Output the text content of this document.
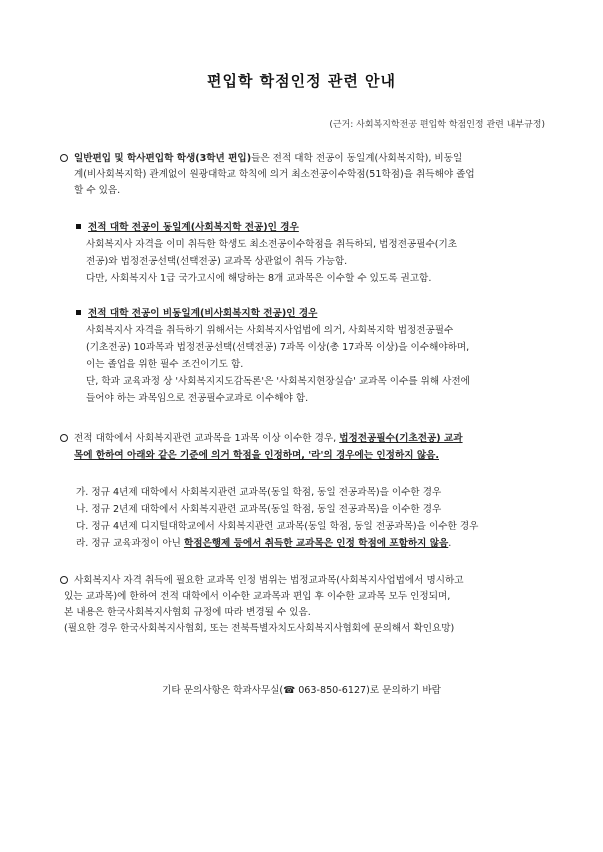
편입학 학점인정 관련 안내
(근거: 사회복지학전공 편입학 학점인정 관련 내부규정)
일반편입 및 학사편입학 학생(3학년 편입)들은 전적 대학 전공이 동일계(사회복지학), 비동일
계(비사회복지학) 관계없이 원광대학교 학칙에 의거 최소전공이수학점(51학점)을 취득해야 졸업
할 수 있음.
전적 대학 전공이 동일계(사회복지학 전공)인 경우
사회복지사 자격을 이미 취득한 학생도 최소전공이수학점을 취득하되, 법정전공필수(기초
전공)와 법정전공선택(선택전공) 교과목 상관없이 취득 가능함.
다만, 사회복지사 1급 국가고시에 해당하는 8개 교과목은 이수할 수 있도록 권고함.
전적 대학 전공이 비동일계(비사회복지학 전공)인 경우
사회복지사 자격을 취득하기 위해서는 사회복지사업법에 의거, 사회복지학 법정전공필수
(기초전공) 10과목과 법정전공선택(선택전공) 7과목 이상(총 17과목 이상)을 이수해야하며,
이는 졸업을 위한 필수 조건이기도 함.
단, 학과 교육과정 상 '사회복지지도감독론'은 '사회복지현장실습' 교과목 이수를 위해 사전에
들어야 하는 과목임으로 전공필수교과로 이수해야 함.
전적 대학에서 사회복지관련 교과목을 1과목 이상 이수한 경우, 법정전공필수(기초전공) 교과
목에 한하여 아래와 같은 기준에 의거 학점을 인정하며, '라'의 경우에는 인정하지 않음.
가. 정규 4년제 대학에서 사회복지관련 교과목(동일 학점, 동일 전공과목)을 이수한 경우
나. 정규 2년제 대학에서 사회복지관련 교과목(동일 학점, 동일 전공과목)을 이수한 경우
다. 정규 4년제 디지털대학교에서 사회복지관련 교과목(동일 학점, 동일 전공과목)을 이수한 경우
라. 정규 교육과정이 아닌 학점은행제 등에서 취득한 교과목은 인정 학점에 포함하지 않음.
사회복지사 자격 취득에 필요한 교과목 인정 범위는 법정교과목(사회복지사업법에서 명시하고
있는 교과목)에 한하여 전적 대학에서 이수한 교과목과 편입 후 이수한 교과목 모두 인정되며,
본 내용은 한국사회복지사협회 규정에 따라 변경될 수 있음.
(필요한 경우 한국사회복지사협회, 또는 전북특별자치도사회복지사협회에 문의해서 확인요망)
기타 문의사항은 학과사무실(☎ 063-850-6127)로 문의하기 바람
